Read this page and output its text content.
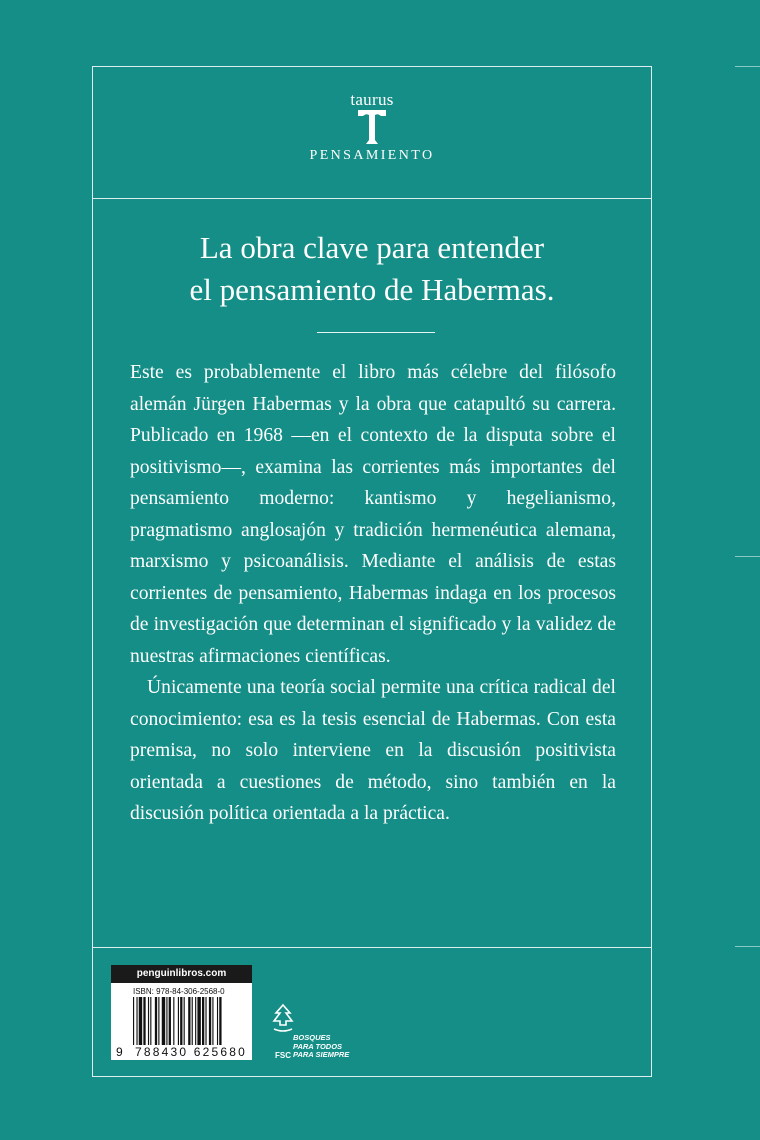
taurus
PENSAMIENTO
La obra clave para entender
el pensamiento de Habermas.

Este es probablemente el libro más célebre del filósofo alemán Jürgen Habermas y la obra que catapultó su carrera. Publicado en 1968 —en el contexto de la disputa sobre el positivismo—, examina las corrientes más importantes del pensamiento moderno: kantismo y hegelianismo, pragmatismo anglosajón y tradición hermenéutica alemana, marxismo y psicoanálisis. Mediante el análisis de estas corrientes de pensamiento, Habermas indaga en los procesos de investigación que determinan el significado y la validez de nuestras afirmaciones científicas.

Únicamente una teoría social permite una crítica radical del conocimiento: esa es la tesis esencial de Habermas. Con esta premisa, no solo interviene en la discusión positivista orientada a cuestiones de método, sino también en la discusión política orientada a la práctica.

penguinlibros.com
ISBN: 978-84-306-2568-0
9 788430 625680	FSC
BOSQUES
PARA TODOS
PARA SIEMPRE
